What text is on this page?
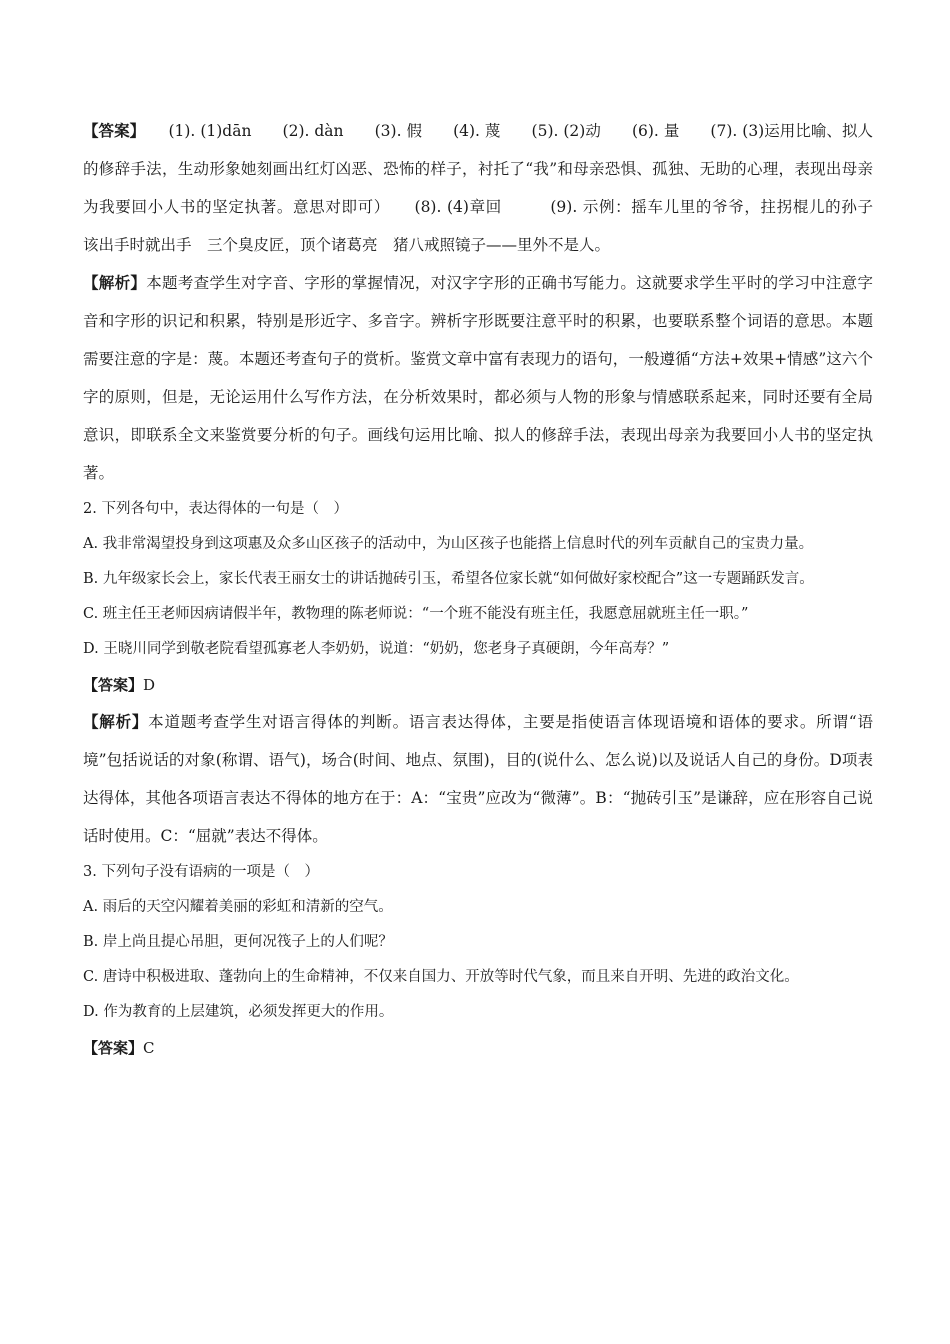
【答案】　　(1). (1)dān　　(2). dàn　　(3). 假　　(4). 蔑　　(5). (2)动　　(6). 量　　(7). (3)运用比喻、拟人的修辞手法，生动形象她刻画出红灯凶恶、恐怖的样子，衬托了“我”和母亲恐惧、孤独、无助的心理，表现出母亲为我要回小人书的坚定执著。意思对即可）　　(8). (4)章回　　　(9). 示例：摇车儿里的爷爷，拄拐棍儿的孙子　该出手时就出手　三个臭皮匠，顶个诸葛亮　猪八戒照镜子——里外不是人。

【解析】本题考查学生对字音、字形的掌握情况，对汉字字形的正确书写能力。这就要求学生平时的学习中注意字音和字形的识记和积累，特别是形近字、多音字。辨析字形既要注意平时的积累，也要联系整个词语的意思。本题需要注意的字是：蔑。本题还考查句子的赏析。鉴赏文章中富有表现力的语句，一般遵循“方法+效果+情感”这六个字的原则，但是，无论运用什么写作方法，在分析效果时，都必须与人物的形象与情感联系起来，同时还要有全局意识，即联系全文来鉴赏要分析的句子。画线句运用比喻、拟人的修辞手法，表现出母亲为我要回小人书的坚定执著。

2. 下列各句中，表达得体的一句是（　）

A. 我非常渴望投身到这项惠及众多山区孩子的活动中，为山区孩子也能搭上信息时代的列车贡献自己的宝贵力量。

B. 九年级家长会上，家长代表王丽女士的讲话抛砖引玉，希望各位家长就“如何做好家校配合”这一专题踊跃发言。

C. 班主任王老师因病请假半年，教物理的陈老师说：“一个班不能没有班主任，我愿意屈就班主任一职。”

D. 王晓川同学到敬老院看望孤寡老人李奶奶，说道：“奶奶，您老身子真硬朗，今年高寿？”

【答案】D

【解析】本道题考查学生对语言得体的判断。语言表达得体，主要是指使语言体现语境和语体的要求。所谓“语境”包括说话的对象(称谓、语气)，场合(时间、地点、氛围)，目的(说什么、怎么说)以及说话人自己的身份。D项表达得体，其他各项语言表达不得体的地方在于：A：“宝贵”应改为“微薄”。B：“抛砖引玉”是谦辞，应在形容自己说话时使用。C：“屈就”表达不得体。

3. 下列句子没有语病的一项是（　）

A. 雨后的天空闪耀着美丽的彩虹和清新的空气。

B. 岸上尚且提心吊胆，更何况筏子上的人们呢？

C. 唐诗中积极进取、蓬勃向上的生命精神，不仅来自国力、开放等时代气象，而且来自开明、先进的政治文化。

D. 作为教育的上层建筑，必须发挥更大的作用。

【答案】C
